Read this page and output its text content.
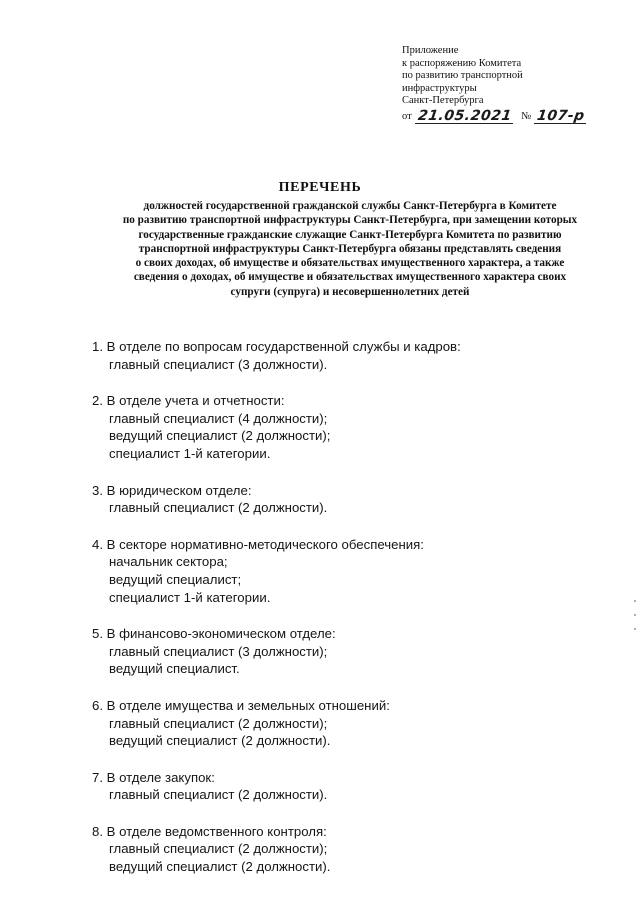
Приложение
к распоряжению Комитета
по развитию транспортной
инфраструктуры
Санкт-Петербурга
от 21.05.2021 № 107-р
ПЕРЕЧЕНЬ
должностей государственной гражданской службы Санкт-Петербурга в Комитете
по развитию транспортной инфраструктуры Санкт-Петербурга, при замещении которых
государственные гражданские служащие Санкт-Петербурга Комитета по развитию
транспортной инфраструктуры Санкт-Петербурга обязаны представлять сведения
о своих доходах, об имуществе и обязательствах имущественного характера, а также
сведения о доходах, об имуществе и обязательствах имущественного характера своих
супруги (супруга) и несовершеннолетних детей
1. В отделе по вопросам государственной службы и кадров:
главный специалист (3 должности).
2. В отделе учета и отчетности:
главный специалист (4 должности);
ведущий специалист (2 должности);
специалист 1-й категории.
3. В юридическом отделе:
главный специалист (2 должности).
4. В секторе нормативно-методического обеспечения:
начальник сектора;
ведущий специалист;
специалист 1-й категории.
5. В финансово-экономическом отделе:
главный специалист (3 должности);
ведущий специалист.
6. В отделе имущества и земельных отношений:
главный специалист (2 должности);
ведущий специалист (2 должности).
7. В отделе закупок:
главный специалист (2 должности).
8. В отделе ведомственного контроля:
главный специалист (2 должности);
ведущий специалист (2 должности).
